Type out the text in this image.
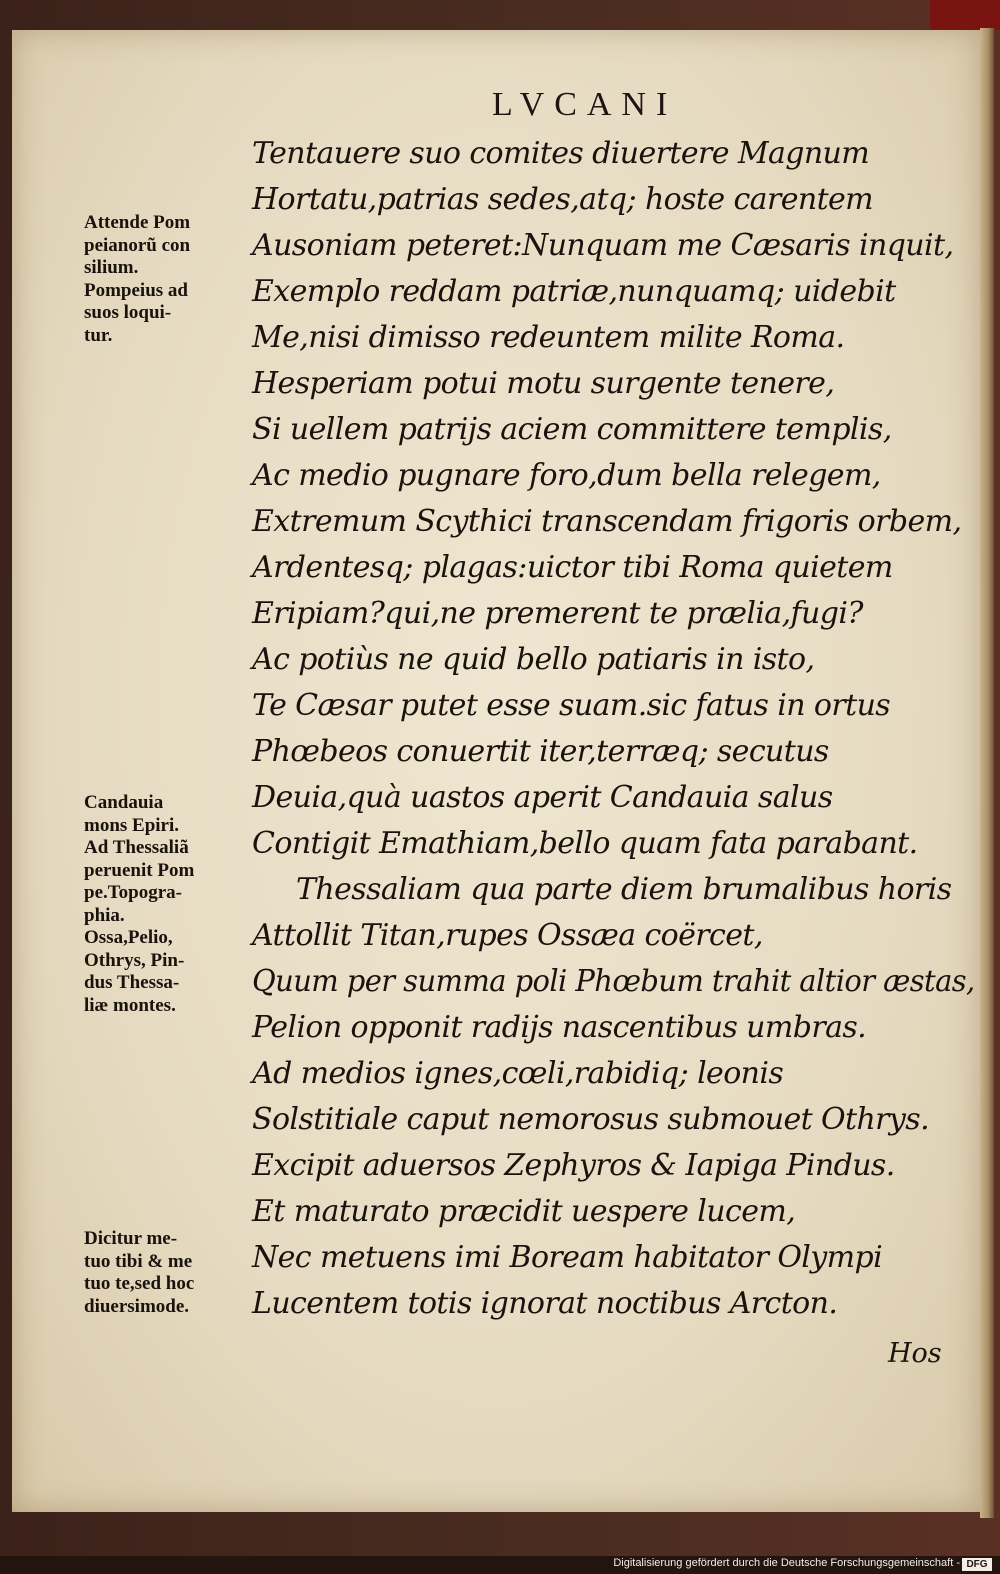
LVCANI

Tentauere suo comites diuertere Magnum

Hortatu,patrias sedes,atq; hoste carentem

Ausoniam peteret:Nunquam me Cæsaris inquit,

Exemplo reddam patriæ,nunquamq; uidebit

Me,nisi dimisso redeuntem milite Roma.

Hesperiam potui motu surgente tenere,

Si uellem patrijs aciem committere templis,

Ac medio pugnare foro,dum bella relegem,

Extremum Scythici transcendam frigoris orbem,

Ardentesq; plagas:uictor tibi Roma quietem

Eripiam?qui,ne premerent te prælia,fugi?

Ac potiùs ne quid bello patiaris in isto,

Te Cæsar putet esse suam.sic fatus in ortus

Phœbeos conuertit iter,terræq; secutus

Deuia,quà uastos aperit Candauia salus

Contigit Emathiam,bello quam fata parabant.

Thessaliam qua parte diem brumalibus horis

Attollit Titan,rupes Ossæa coërcet,

Quum per summa poli Phœbum trahit altior æstas,

Pelion opponit radijs nascentibus umbras.

Ad medios ignes,cœli,rabidiq; leonis

Solstitiale caput nemorosus submouet Othrys.

Excipit aduersos Zephyros & Iapiga Pindus.

Et maturato præcidit uespere lucem,

Nec metuens imi Boream habitator Olympi

Lucentem totis ignorat noctibus Arcton.

Attende Pom
peianorũ con
silium.
Pompeius ad
suos loqui-
tur.

Candauia
mons Epiri.
Ad Thessaliã
peruenit Pom
pe.Topogra-
phia.
Ossa,Pelio,
Othrys, Pin-
dus Thessa-
liæ montes.

Dicitur me-
tuo tibi & me
tuo te,sed hoc
diuersimode.

Hos
Digitalisierung gefördert durch die Deutsche Forschungsgemeinschaft - DFG
